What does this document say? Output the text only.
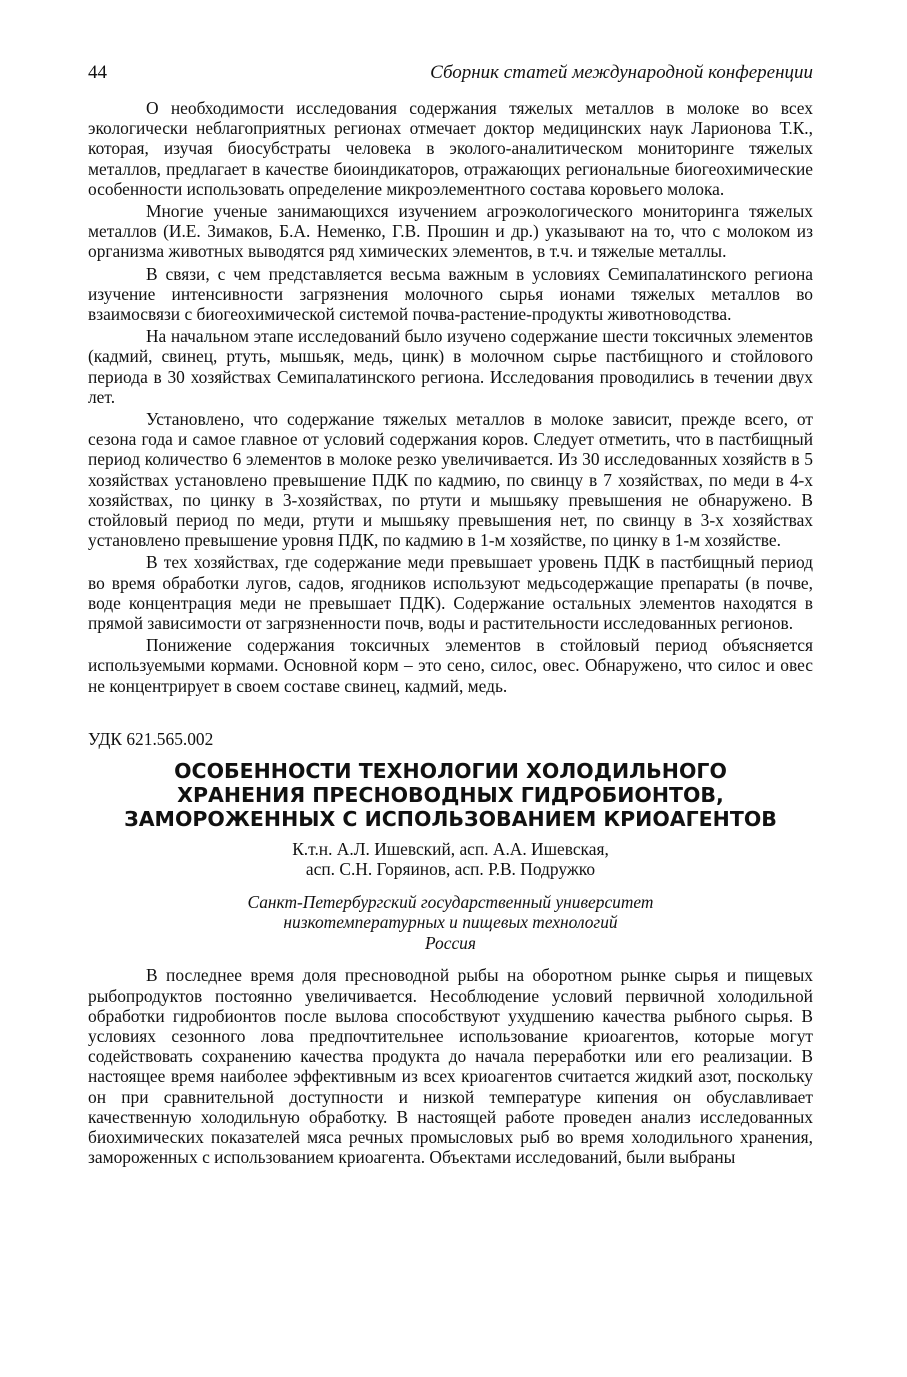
44	Сборник статей международной конференции

О необходимости исследования содержания тяжелых металлов в молоке во всех экологически неблагоприятных регионах отмечает доктор медицинских наук Ларионова Т.К., которая, изучая биосубстраты человека в эколого-аналитическом мониторинге тяжелых металлов, предлагает в качестве биоиндикаторов, отражающих региональные биогеохимические особенности использовать определение микроэлементного состава коровьего молока.

Многие ученые занимающихся изучением агроэкологического мониторинга тяжелых металлов (И.Е. Зимаков, Б.А. Неменко, Г.В. Прошин и др.) указывают на то, что с молоком из организма животных выводятся ряд химических элементов, в т.ч. и тяжелые металлы.

В связи, с чем представляется весьма важным в условиях Семипалатинского региона изучение интенсивности загрязнения молочного сырья ионами тяжелых металлов во взаимосвязи с биогеохимической системой почва-растение-продукты животноводства.

На начальном этапе исследований было изучено содержание шести токсичных элементов (кадмий, свинец, ртуть, мышьяк, медь, цинк) в молочном сырье пастбищного и стойлового периода в 30 хозяйствах Семипалатинского региона. Исследования проводились в течении двух лет.

Установлено, что содержание тяжелых металлов в молоке зависит, прежде всего, от сезона года и самое главное от условий содержания коров. Следует отметить, что в пастбищный период количество 6 элементов в молоке резко увеличивается. Из 30 исследованных хозяйств в 5 хозяйствах установлено превышение ПДК по кадмию, по свинцу в 7 хозяйствах, по меди в 4-х хозяйствах, по цинку в 3-хозяйствах, по ртути и мышьяку превышения не обнаружено. В стойловый период по меди, ртути и мышьяку превышения нет, по свинцу в 3-х хозяйствах установлено превышение уровня ПДК, по кадмию в 1-м хозяйстве, по цинку в 1-м хозяйстве.

В тех хозяйствах, где содержание меди превышает уровень ПДК в пастбищный период во время обработки лугов, садов, ягодников используют медьсодержащие препараты (в почве, воде концентрация меди не превышает ПДК). Содержание остальных элементов находятся в прямой зависимости от загрязненности почв, воды и растительности исследованных регионов.

Понижение содержания токсичных элементов в стойловый период объясняется используемыми кормами. Основной корм – это сено, силос, овес. Обнаружено, что силос и овес не концентрирует в своем составе свинец, кадмий, медь.

УДК 621.565.002
ОСОБЕННОСТИ ТЕХНОЛОГИИ ХОЛОДИЛЬНОГО
ХРАНЕНИЯ ПРЕСНОВОДНЫХ ГИДРОБИОНТОВ,
ЗАМОРОЖЕННЫХ С ИСПОЛЬЗОВАНИЕМ КРИОАГЕНТОВ
К.т.н. А.Л. Ишевский, асп. А.А. Ишевская,
асп. С.Н. Горяинов, асп. Р.В. Подружко
Санкт-Петербургский государственный университет
низкотемпературных и пищевых технологий
Россия

В последнее время доля пресноводной рыбы на оборотном рынке сырья и пищевых рыбопродуктов постоянно увеличивается. Несоблюдение условий первичной холодильной обработки гидробионтов после вылова способствуют ухудшению качества рыбного сырья. В условиях сезонного лова предпочтительнее использование криоагентов, которые могут содействовать сохранению качества продукта до начала переработки или его реализации. В настоящее время наиболее эффективным из всех криоагентов считается жидкий азот, поскольку он при сравнительной доступности и низкой температуре кипения он обуславливает качественную холодильную обработку. В настоящей работе проведен анализ исследованных биохимических показателей мяса речных промысловых рыб во время холодильного хранения, замороженных с использованием криоагента. Объектами исследований, были выбраны
